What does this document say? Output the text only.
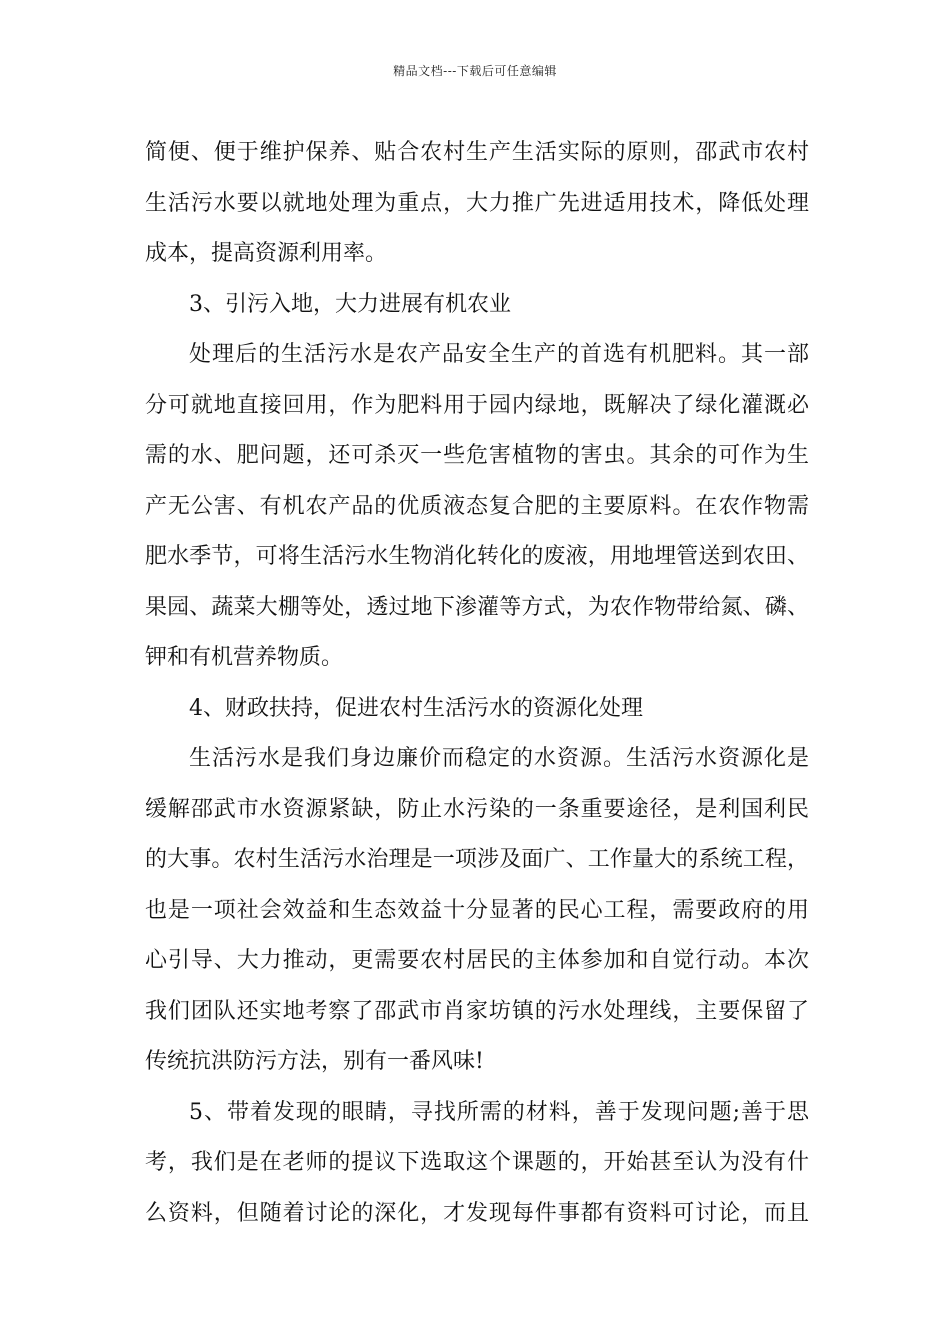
精品文档---下载后可任意编辑
简便、便于维护保养、贴合农村生产生活实际的原则，邵武市农村
生活污水要以就地处理为重点，大力推广先进适用技术，降低处理
成本，提高资源利用率。
3、引污入地，大力进展有机农业
处理后的生活污水是农产品安全生产的首选有机肥料。其一部
分可就地直接回用，作为肥料用于园内绿地，既解决了绿化灌溉必
需的水、肥问题，还可杀灭一些危害植物的害虫。其余的可作为生
产无公害、有机农产品的优质液态复合肥的主要原料。在农作物需
肥水季节，可将生活污水生物消化转化的废液，用地埋管送到农田、
果园、蔬菜大棚等处，透过地下渗灌等方式，为农作物带给氮、磷、
钾和有机营养物质。
4、财政扶持，促进农村生活污水的资源化处理
生活污水是我们身边廉价而稳定的水资源。生活污水资源化是
缓解邵武市水资源紧缺，防止水污染的一条重要途径，是利国利民
的大事。农村生活污水治理是一项涉及面广、工作量大的系统工程，
也是一项社会效益和生态效益十分显著的民心工程，需要政府的用
心引导、大力推动，更需要农村居民的主体参加和自觉行动。本次
我们团队还实地考察了邵武市肖家坊镇的污水处理线，主要保留了
传统抗洪防污方法，别有一番风味!
5、带着发现的眼睛，寻找所需的材料，善于发现问题;善于思
考，我们是在老师的提议下选取这个课题的，开始甚至认为没有什
么资料，但随着讨论的深化，才发现每件事都有资料可讨论，而且
